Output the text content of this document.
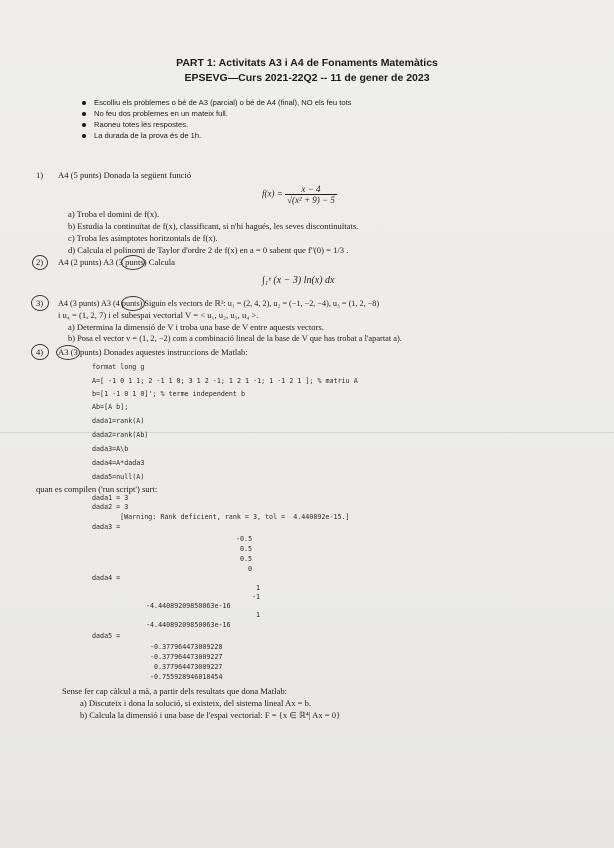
PART 1: Activitats A3 i A4 de Fonaments Matemàtics
EPSEVG—Curs 2021-22Q2 -- 11 de gener de 2023
Escolliu els problemes o bé de A3 (parcial) o bé de A4 (final), NO els feu tots
No feu dos problemes en un mateix full.
Raoneu totes les respostes.
La durada de la prova és de 1h.
1) A4 (5 punts) Donada la següent funció
$f(x) = \frac{x - 4}{\text{√(x² + 9) − 5}}$
a) Troba el domini de f(x).
b) Estudia la continuïtat de f(x), classificant, si n'hi hagués, les seves discontinuïtats.
c) Troba les asímptotes horitzontals de f(x).
d) Calcula el polinomi de Taylor d'ordre 2 de f(x) en a = 0 sabent que f''(0) = 1/3 .
2) A4 (2 punts) A3 (3 punts) Calcula
∫₁ᵉ (x − 3) ln(x) dx
3) A4 (3 punts) A3 (4 punts) Siguin els vectors de ℝ³: u₁ = (2, 4, 2), u₂ = (−1, −2, −4), u₃ = (1, 2, −8)
i u₄ = (1, 2, 7) i el subespai vectorial V = < u₁, u₂, u₃, u₄ >.
a) Determina la dimensió de V i troba una base de V entre aquests vectors.
b) Posa el vector v = (1, 2, −2) com a combinació lineal de la base de V que has trobat a l'apartat a).
4) A3 (3 punts) Donades aquestes instruccions de Matlab:
format long g
A=[ -1 0 1 1; 2 -1 1 0; 3 1 2 -1; 1 2 1 -1; 1 -1 2 1 ]; % matriu A
b=[1 -1 0 1 0]'; % terme independent b
Ab=[A b];
dada1=rank(A)
dada2=rank(Ab)
dada3=A\b
dada4=A*dada3
dada5=null(A)
quan es compilen ('run script') surt:
dada1 = 3
dada2 = 3
[Warning: Rank deficient, rank = 3, tol =  4.440892e-15.]
dada3 =
-0.5
0.5
0.5
0
dada4 =
1
-1
-4.44089209850063e-16
1
-4.44089209850063e-16
dada5 =
-0.377964473009228
-0.377964473009227
0.377964473009227
-0.755928946018454
Sense fer cap càlcul a mà, a partir dels resultats que dona Matlab:
a) Discuteix i dona la solució, si existeix, del sistema lineal Ax = b.
b) Calcula la dimensió i una base de l'espai vectorial: F = {x ∈ ℝ⁴| Ax = 0}
